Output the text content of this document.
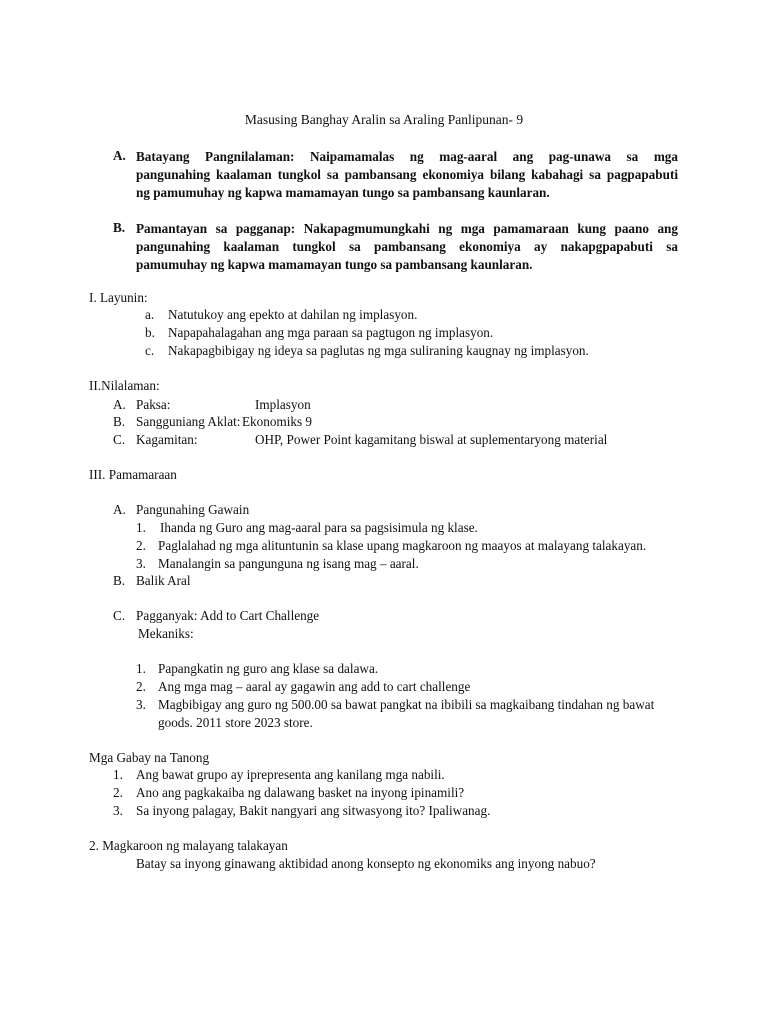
Masusing Banghay Aralin sa Araling Panlipunan- 9
A. Batayang Pangnilalaman: Naipamamalas ng mag-aaral ang pag-unawa sa mga
pangunahing kaalaman tungkol sa pambansang ekonomiya bilang kabahagi sa pagpapabuti
ng pamumuhay ng kapwa mamamayan tungo sa pambansang kaunlaran.
B. Pamantayan sa pagganap: Nakapagmumungkahi ng mga pamamaraan kung paano ang
pangunahing kaalaman tungkol sa pambansang ekonomiya ay nakapgpapabuti sa
pamumuhay ng kapwa mamamayan tungo sa pambansang kaunlaran.
I. Layunin:
a. Natutukoy ang epekto at dahilan ng implasyon.
b. Napapahalagahan ang mga paraan sa pagtugon ng implasyon.
c. Nakapagbibigay ng ideya sa paglutas ng mga suliraning kaugnay ng implasyon.
II.Nilalaman:
A. Paksa:	Implasyon
B. Sangguniang Aklat: Ekonomiks 9
C. Kagamitan:	OHP, Power Point kagamitang biswal at suplementaryong material
III. Pamamaraan
A. Pangunahing Gawain
1. Ihanda ng Guro ang mag-aaral para sa pagsisimula ng klase.
2. Paglalahad ng mga alituntunin sa klase upang magkaroon ng maayos at malayang talakayan.
3. Manalangin sa pangunguna ng isang mag – aaral.
B. Balik Aral
C. Pagganyak: Add to Cart Challenge
Mekaniks:
1. Papangkatin ng guro ang klase sa dalawa.
2. Ang mga mag – aaral ay gagawin ang add to cart challenge
3. Magbibigay ang guro ng 500.00 sa bawat pangkat na ibibili sa magkaibang tindahan ng bawat
goods. 2011 store 2023 store.
Mga Gabay na Tanong
1. Ang bawat grupo ay iprepresenta ang kanilang mga nabili.
2. Ano ang pagkakaiba ng dalawang basket na inyong ipinamili?
3. Sa inyong palagay, Bakit nangyari ang sitwasyong ito? Ipaliwanag.
2. Magkaroon ng malayang talakayan
Batay sa inyong ginawang aktibidad anong konsepto ng ekonomiks ang inyong nabuo?
